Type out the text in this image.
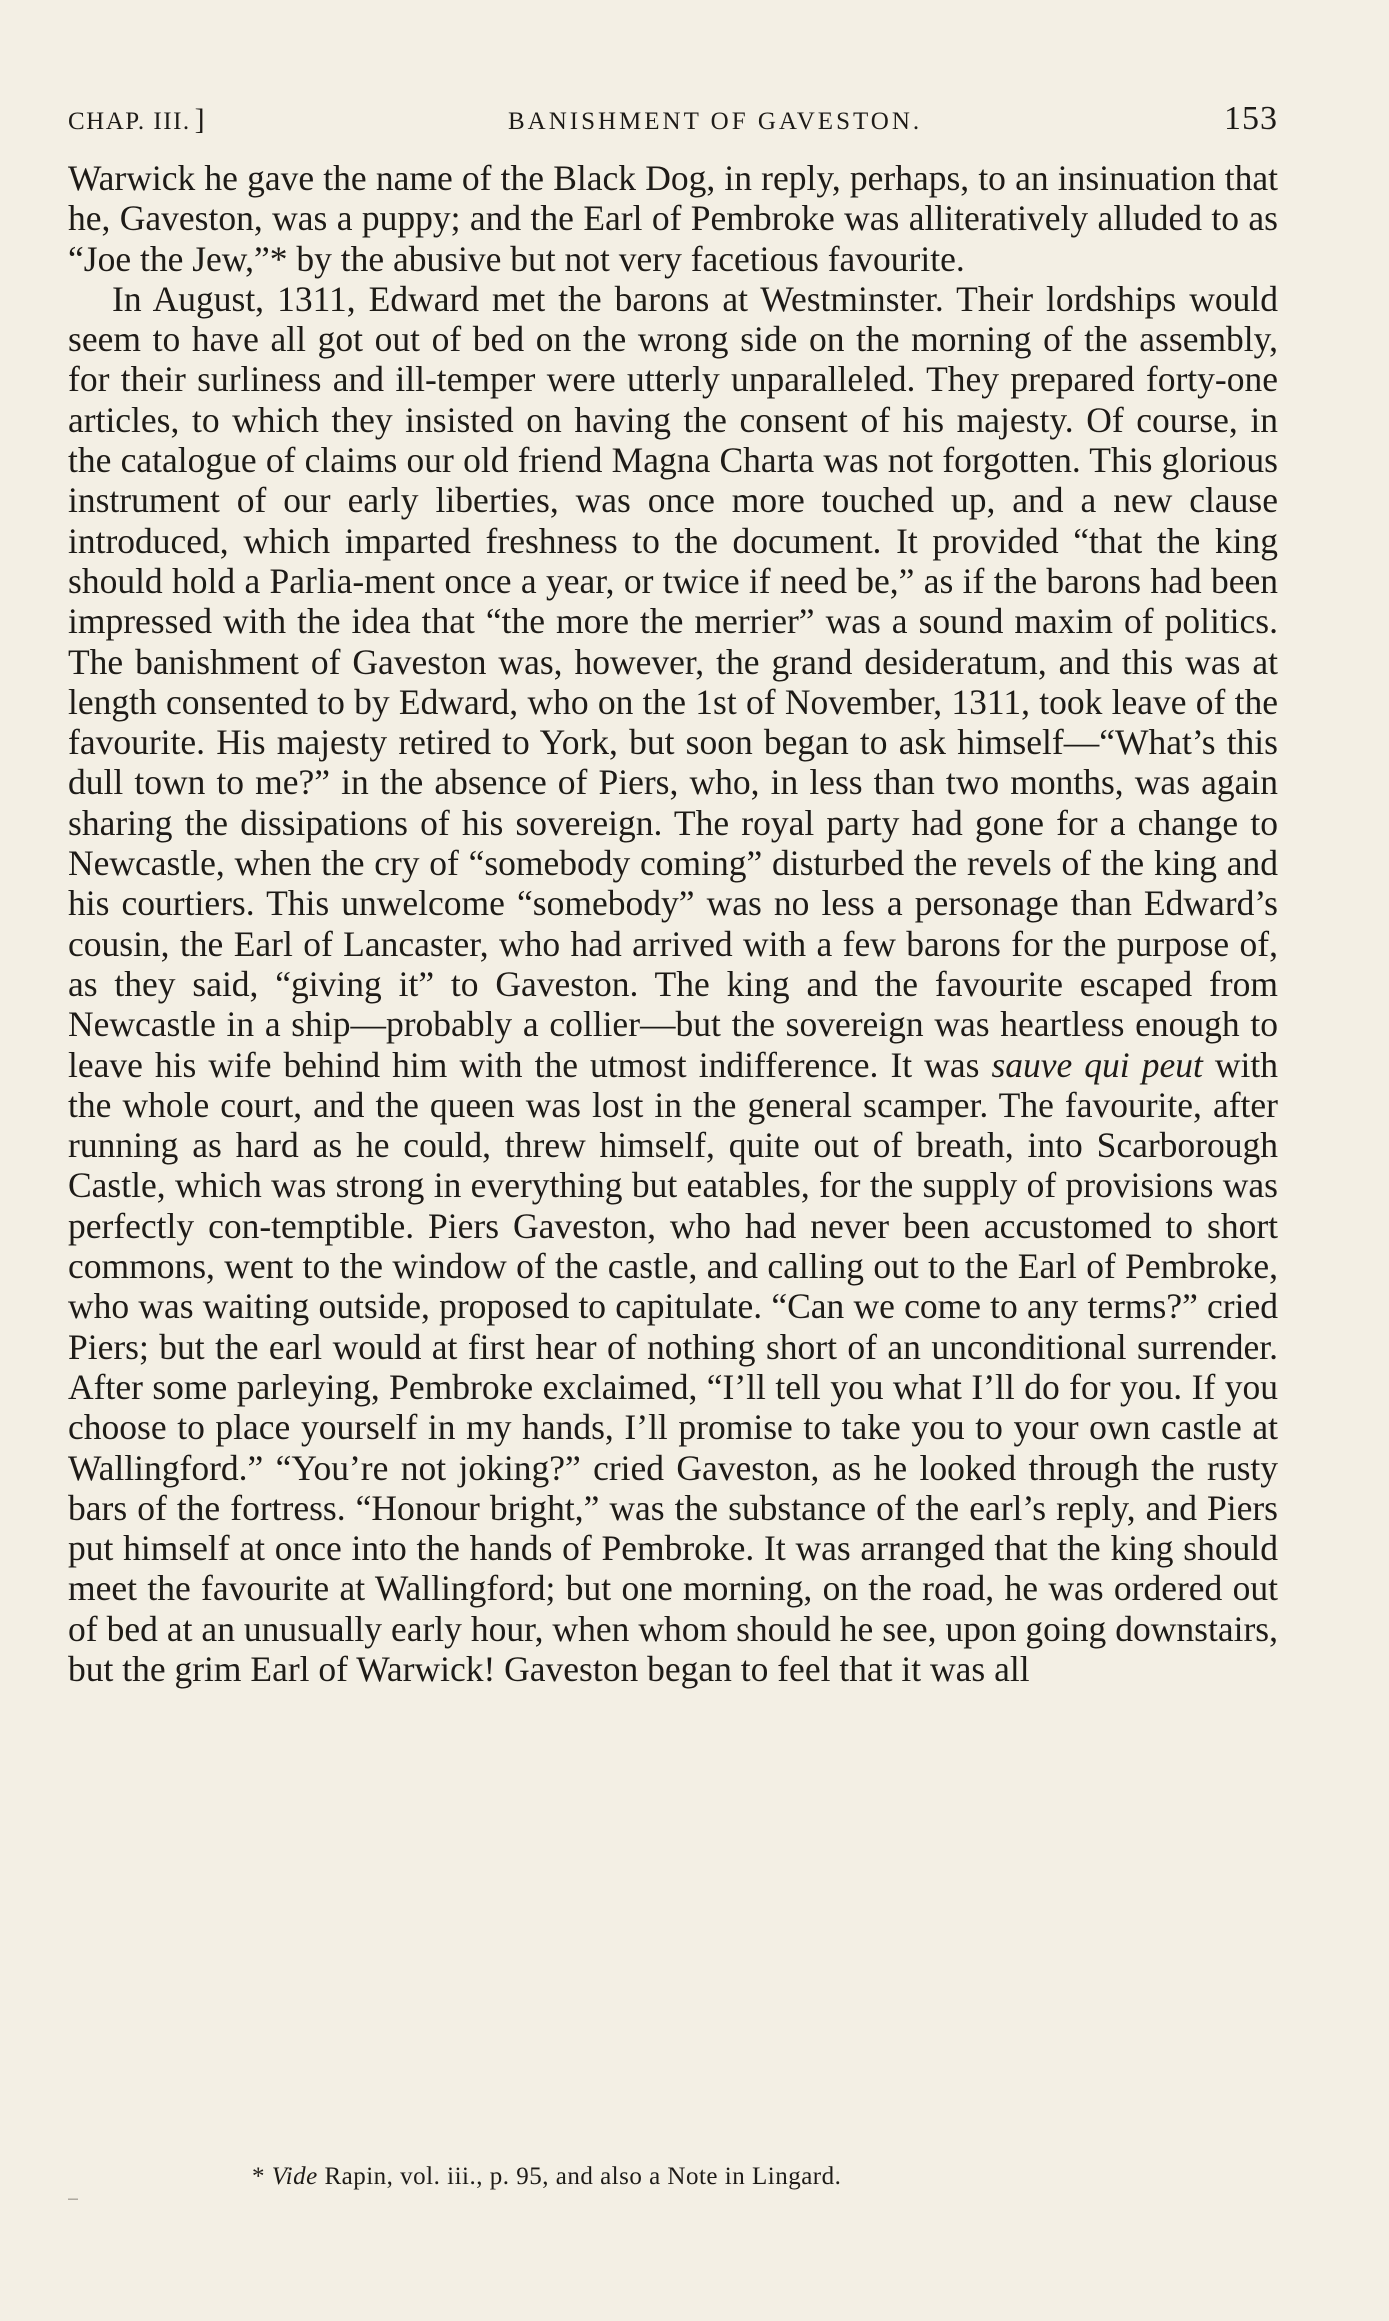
CHAP. III. ]	BANISHMENT OF GAVESTON.	153

Warwick he gave the name of the Black Dog, in reply, perhaps, to an insinuation that he, Gaveston, was a puppy; and the Earl of Pembroke was alliteratively alluded to as “Joe the Jew,”* by the abusive but not very facetious favourite.

In August, 1311, Edward met the barons at Westminster. Their lordships would seem to have all got out of bed on the wrong side on the morning of the assembly, for their surliness and ill-temper were utterly unparalleled. They prepared forty-one articles, to which they insisted on having the consent of his majesty. Of course, in the catalogue of claims our old friend Magna Charta was not forgotten. This glorious instrument of our early liberties, was once more touched up, and a new clause introduced, which imparted freshness to the document. It provided “that the king should hold a Parlia-ment once a year, or twice if need be,” as if the barons had been impressed with the idea that “the more the merrier” was a sound maxim of politics. The banishment of Gaveston was, however, the grand desideratum, and this was at length consented to by Edward, who on the 1st of November, 1311, took leave of the favourite. His majesty retired to York, but soon began to ask himself—“What’s this dull town to me?” in the absence of Piers, who, in less than two months, was again sharing the dissipations of his sovereign. The royal party had gone for a change to Newcastle, when the cry of “somebody coming” disturbed the revels of the king and his courtiers. This unwelcome “somebody” was no less a personage than Edward’s cousin, the Earl of Lancaster, who had arrived with a few barons for the purpose of, as they said, “giving it” to Gaveston. The king and the favourite escaped from Newcastle in a ship—probably a collier—but the sovereign was heartless enough to leave his wife behind him with the utmost indifference. It was sauve qui peut with the whole court, and the queen was lost in the general scamper. The favourite, after running as hard as he could, threw himself, quite out of breath, into Scarborough Castle, which was strong in everything but eatables, for the supply of provisions was perfectly con-temptible. Piers Gaveston, who had never been accustomed to short commons, went to the window of the castle, and calling out to the Earl of Pembroke, who was waiting outside, proposed to capitulate. “Can we come to any terms?” cried Piers; but the earl would at first hear of nothing short of an unconditional surrender. After some parleying, Pembroke exclaimed, “I’ll tell you what I’ll do for you. If you choose to place yourself in my hands, I’ll promise to take you to your own castle at Wallingford.” “You’re not joking?” cried Gaveston, as he looked through the rusty bars of the fortress. “Honour bright,” was the substance of the earl’s reply, and Piers put himself at once into the hands of Pembroke. It was arranged that the king should meet the favourite at Wallingford; but one morning, on the road, he was ordered out of bed at an unusually early hour, when whom should he see, upon going downstairs, but the grim Earl of Warwick! Gaveston began to feel that it was all

_	* Vide Rapin, vol. iii., p. 95, and also a Note in Lingard.
